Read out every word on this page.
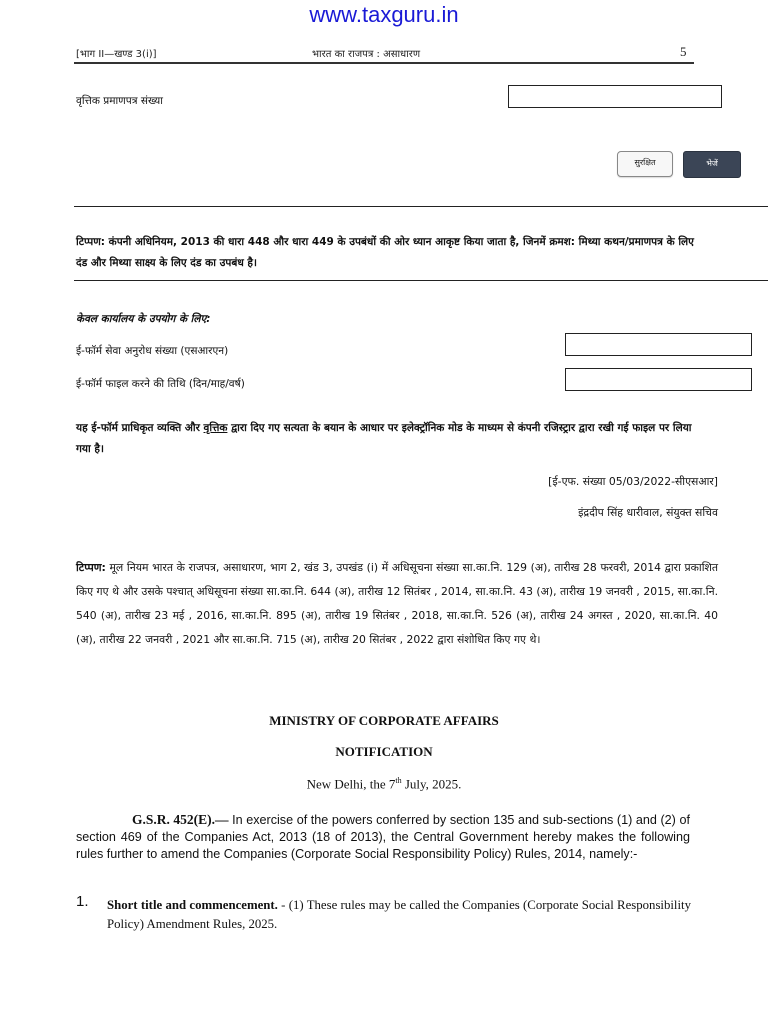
www.taxguru.in
[भाग II—खण्ड 3(i)]	भारत का राजपत्र : असाधारण	5
वृत्तिक प्रमाणपत्र संख्या
सुरक्षित	भेजें
टिप्पण: कंपनी अधिनियम, 2013 की धारा 448 और धारा 449 के उपबंधों की ओर ध्यान आकृष्ट किया जाता है, जिनमें क्रमश: मिथ्या कथन/प्रमाणपत्र के लिए दंड और मिथ्या साक्ष्य के लिए दंड का उपबंध है।
केवल कार्यालय के उपयोग के लिए:
ई-फॉर्म सेवा अनुरोध संख्या (एसआरएन)
ई-फॉर्म फाइल करने की तिथि (दिन/माह/वर्ष)
यह ई-फॉर्म प्राधिकृत व्यक्ति और वृत्तिक द्वारा दिए गए सत्यता के बयान के आधार पर इलेक्ट्रॉनिक मोड के माध्यम से कंपनी रजिस्ट्रार द्वारा रखी गई फाइल पर लिया गया है।
[ई-एफ. संख्या 05/03/2022-सीएसआर]
इंद्रदीप सिंह धारीवाल, संयुक्त सचिव
टिप्पण: मूल नियम भारत के राजपत्र, असाधारण, भाग 2, खंड 3, उपखंड (i) में अधिसूचना संख्या सा.का.नि. 129 (अ), तारीख 28 फरवरी, 2014 द्वारा प्रकाशित किए गए थे और उसके पश्चात् अधिसूचना संख्या सा.का.नि. 644 (अ), तारीख 12 सितंबर , 2014, सा.का.नि. 43 (अ), तारीख 19 जनवरी , 2015, सा.का.नि. 540 (अ), तारीख 23 मई , 2016, सा.का.नि. 895 (अ), तारीख 19 सितंबर , 2018, सा.का.नि. 526 (अ), तारीख 24 अगस्त , 2020, सा.का.नि. 40 (अ), तारीख 22 जनवरी , 2021 और सा.का.नि. 715 (अ), तारीख 20 सितंबर , 2022 द्वारा संशोधित किए गए थे।
MINISTRY OF CORPORATE AFFAIRS
NOTIFICATION
New Delhi, the 7th July, 2025.
G.S.R. 452(E).— In exercise of the powers conferred by section 135 and sub-sections (1) and (2) of section 469 of the Companies Act, 2013 (18 of 2013), the Central Government hereby makes the following rules further to amend the Companies (Corporate Social Responsibility Policy) Rules, 2014, namely:-
1. Short title and commencement. - (1) These rules may be called the Companies (Corporate Social Responsibility Policy) Amendment Rules, 2025.
